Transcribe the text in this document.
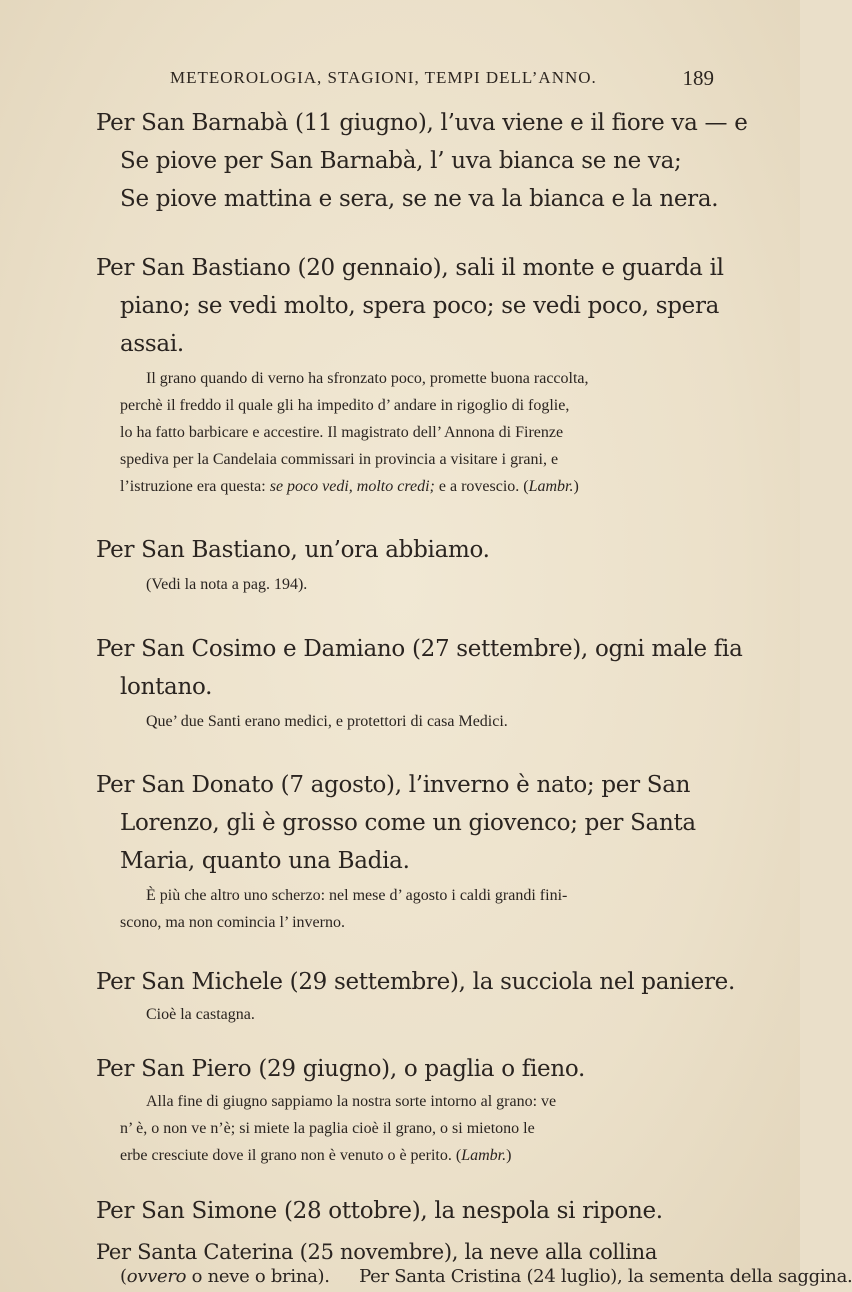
METEOROLOGIA, STAGIONI, TEMPI DELL’ANNO.	189
Per San Barnabà (11 giugno), l’uva viene e il fiore va — e
Se piove per San Barnabà, l’ uva bianca se ne va;
Se piove mattina e sera, se ne va la bianca e la nera.
Per San Bastiano (20 gennaio), sali il monte e guarda il
piano; se vedi molto, spera poco; se vedi poco, spera
assai.
Il grano quando di verno ha sfronzato poco, promette buona raccolta,
perchè il freddo il quale gli ha impedito d’ andare in rigoglio di foglie,
lo ha fatto barbicare e accestire. Il magistrato dell’ Annona di Firenze
spediva per la Candelaia commissari in provincia a visitare i grani, e
l’istruzione era questa: se poco vedi, molto credi; e a rovescio. (Lambr.)
Per San Bastiano, un’ora abbiamo.
(Vedi la nota a pag. 194).
Per San Cosimo e Damiano (27 settembre), ogni male fia
lontano.
Que’ due Santi erano medici, e protettori di casa Medici.
Per San Donato (7 agosto), l’inverno è nato; per San
Lorenzo, gli è grosso come un giovenco; per Santa
Maria, quanto una Badia.
È più che altro uno scherzo: nel mese d’ agosto i caldi grandi fini-
scono, ma non comincia l’ inverno.
Per San Michele (29 settembre), la succiola nel paniere.
Cioè la castagna.
Per San Piero (29 giugno), o paglia o fieno.
Alla fine di giugno sappiamo la nostra sorte intorno al grano: ve
n’ è, o non ve n’è; si miete la paglia cioè il grano, o si mietono le
erbe cresciute dove il grano non è venuto o è perito. (Lambr.)
Per San Simone (28 ottobre), la nespola si ripone.
Per Santa Caterina (25 novembre), la neve alla collina
(ovvero o neve o brina). Per Santa Cristina (24 luglio), la sementa della saggina.
